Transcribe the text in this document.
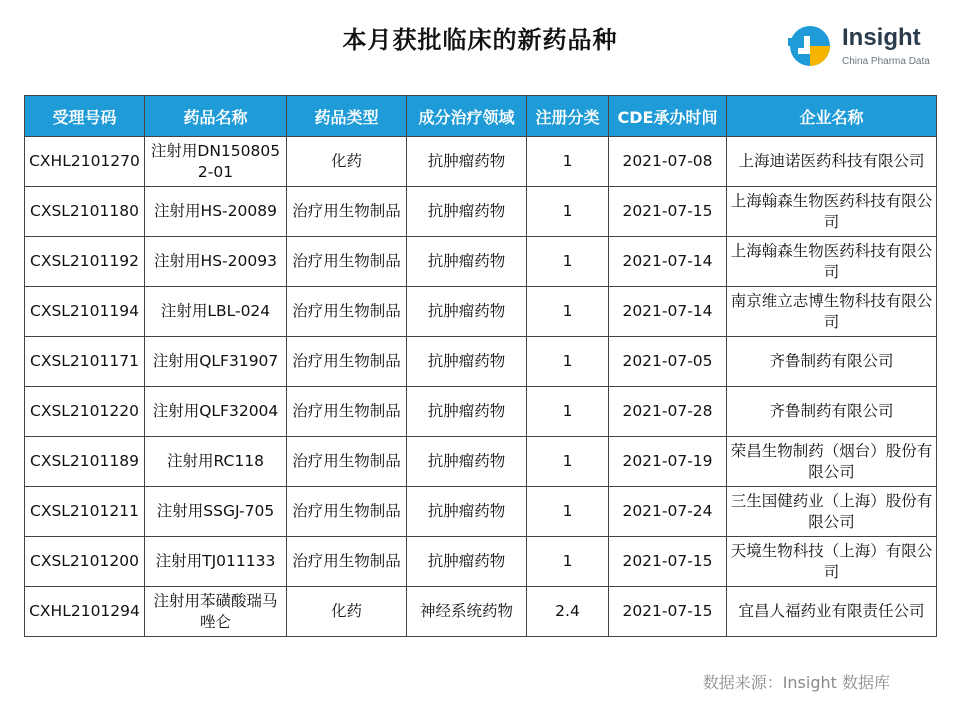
本月获批临床的新药品种	Insight
China Pharma Data
受理号码	药品名称	药品类型	成分治疗领域	注册分类	CDE承办时间	企业名称
CXHL2101270	注射用DN1508052-01	化药	抗肿瘤药物	1	2021-07-08	上海迪诺医药科技有限公司
CXSL2101180	注射用HS-20089	治疗用生物制品	抗肿瘤药物	1	2021-07-15	上海翰森生物医药科技有限公司
CXSL2101192	注射用HS-20093	治疗用生物制品	抗肿瘤药物	1	2021-07-14	上海翰森生物医药科技有限公司
CXSL2101194	注射用LBL-024	治疗用生物制品	抗肿瘤药物	1	2021-07-14	南京维立志博生物科技有限公司
CXSL2101171	注射用QLF31907	治疗用生物制品	抗肿瘤药物	1	2021-07-05	齐鲁制药有限公司
CXSL2101220	注射用QLF32004	治疗用生物制品	抗肿瘤药物	1	2021-07-28	齐鲁制药有限公司
CXSL2101189	注射用RC118	治疗用生物制品	抗肿瘤药物	1	2021-07-19	荣昌生物制药（烟台）股份有限公司
CXSL2101211	注射用SSGJ-705	治疗用生物制品	抗肿瘤药物	1	2021-07-24	三生国健药业（上海）股份有限公司
CXSL2101200	注射用TJ011133	治疗用生物制品	抗肿瘤药物	1	2021-07-15	天境生物科技（上海）有限公司
CXHL2101294	注射用苯磺酸瑞马唑仑	化药	神经系统药物	2.4	2021-07-15	宜昌人福药业有限责任公司
数据来源：Insight 数据库
